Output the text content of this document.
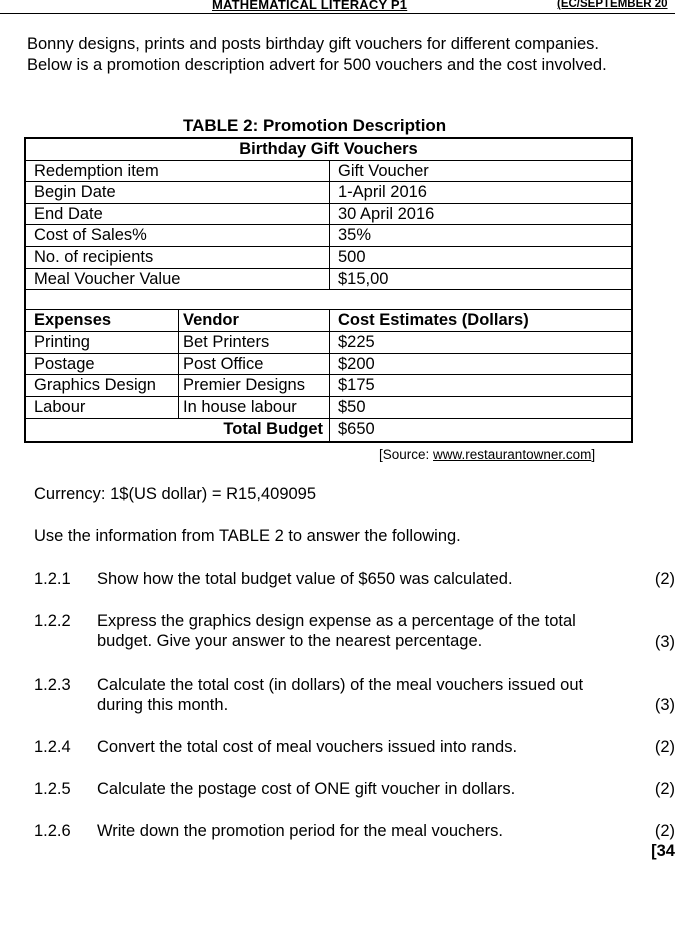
MATHEMATICAL LITERACY P1	(EC/SEPTEMBER 20
Bonny designs, prints and posts birthday gift vouchers for different companies. Below is a promotion description advert for 500 vouchers and the cost involved.
TABLE 2: Promotion Description
Birthday Gift Vouchers
Redemption item	Gift Voucher
Begin Date	1-April 2016
End Date	30 April 2016
Cost of Sales%	35%
No. of recipients	500
Meal Voucher Value	$15,00
Expenses	Vendor	Cost Estimates (Dollars)
Printing	Bet Printers	$225
Postage	Post Office	$200
Graphics Design	Premier Designs	$175
Labour	In house labour	$50
Total Budget $650
[Source: www.restaurantowner.com]
Currency: 1$(US dollar) = R15,409095
Use the information from TABLE 2 to answer the following.
1.2.1 Show how the total budget value of $650 was calculated.	(2)
1.2.2 Express the graphics design expense as a percentage of the total budget. Give your answer to the nearest percentage.	(3)
1.2.3 Calculate the total cost (in dollars) of the meal vouchers issued out during this month.	(3)
1.2.4 Convert the total cost of meal vouchers issued into rands.	(2)
1.2.5 Calculate the postage cost of ONE gift voucher in dollars.	(2)
1.2.6 Write down the promotion period for the meal vouchers.	(2)
[34
